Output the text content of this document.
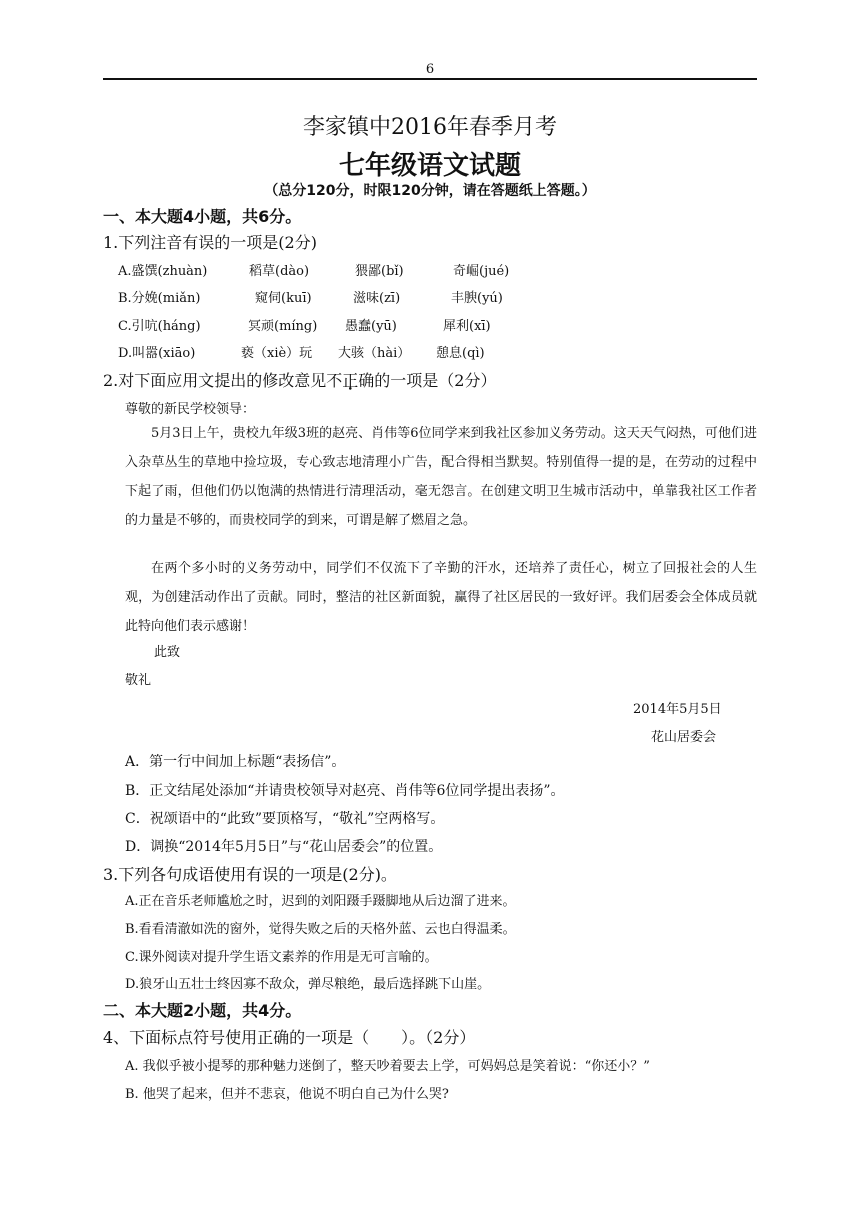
6
李家镇中2016年春季月考
七年级语文试题
（总分120分，时限120分钟，请在答题纸上答题。）
一、本大题4小题，共6分。
1.下列注音有误的一项是(2分)
A.盛馔(zhuàn)	稻草(dào)	猥鄙(bǐ)	奇崛(jué)
B.分娩(miǎn)	窥伺(kuī)	滋味(zī)	丰腴(yú)
C.引吭(háng)	冥顽(míng) 愚蠢(yū)	犀利(xī)
D.叫嚣(xiāo)	亵（xiè）玩 大骇（hài） 憩息(qì)
2.对下面应用文提出的修改意见不正确的一项是（2分）
尊敬的新民学校领导：
5月3日上午，贵校九年级3班的赵亮、肖伟等6位同学来到我社区参加义务劳动。这天天气闷热，可他们进入杂草丛生的草地中捡垃圾，专心致志地清理小广告，配合得相当默契。特别值得一提的是，在劳动的过程中下起了雨，但他们仍以饱满的热情进行清理活动，毫无怨言。在创建文明卫生城市活动中，单靠我社区工作者的力量是不够的，而贵校同学的到来，可谓是解了燃眉之急。
在两个多小时的义务劳动中，同学们不仅流下了辛勤的汗水，还培养了责任心，树立了回报社会的人生观，为创建活动作出了贡献。同时，整洁的社区新面貌，赢得了社区居民的一致好评。我们居委会全体成员就此特向他们表示感谢！
此致
敬礼
2014年5月5日
花山居委会
A．第一行中间加上标题“表扬信”。
B．正文结尾处添加“并请贵校领导对赵亮、肖伟等6位同学提出表扬”。
C．祝颂语中的“此致”要顶格写，“敬礼”空两格写。
D．调换“2014年5月5日”与“花山居委会”的位置。
3.下列各句成语使用有误的一项是(2分)。
A.正在音乐老师尴尬之时，迟到的刘阳蹑手蹑脚地从后边溜了进来。
B.看看清澈如洗的窗外，觉得失败之后的天格外蓝、云也白得温柔。
C.课外阅读对提升学生语文素养的作用是无可言喻的。
D.狼牙山五壮士终因寡不敌众，弹尽粮绝，最后选择跳下山崖。
二、本大题2小题，共4分。
4、下面标点符号使用正确的一项是（　　）。（2分）
A. 我似乎被小提琴的那种魅力迷倒了，整天吵着要去上学，可妈妈总是笑着说：“你还小？”
B. 他哭了起来，但并不悲哀，他说不明白自己为什么哭?
